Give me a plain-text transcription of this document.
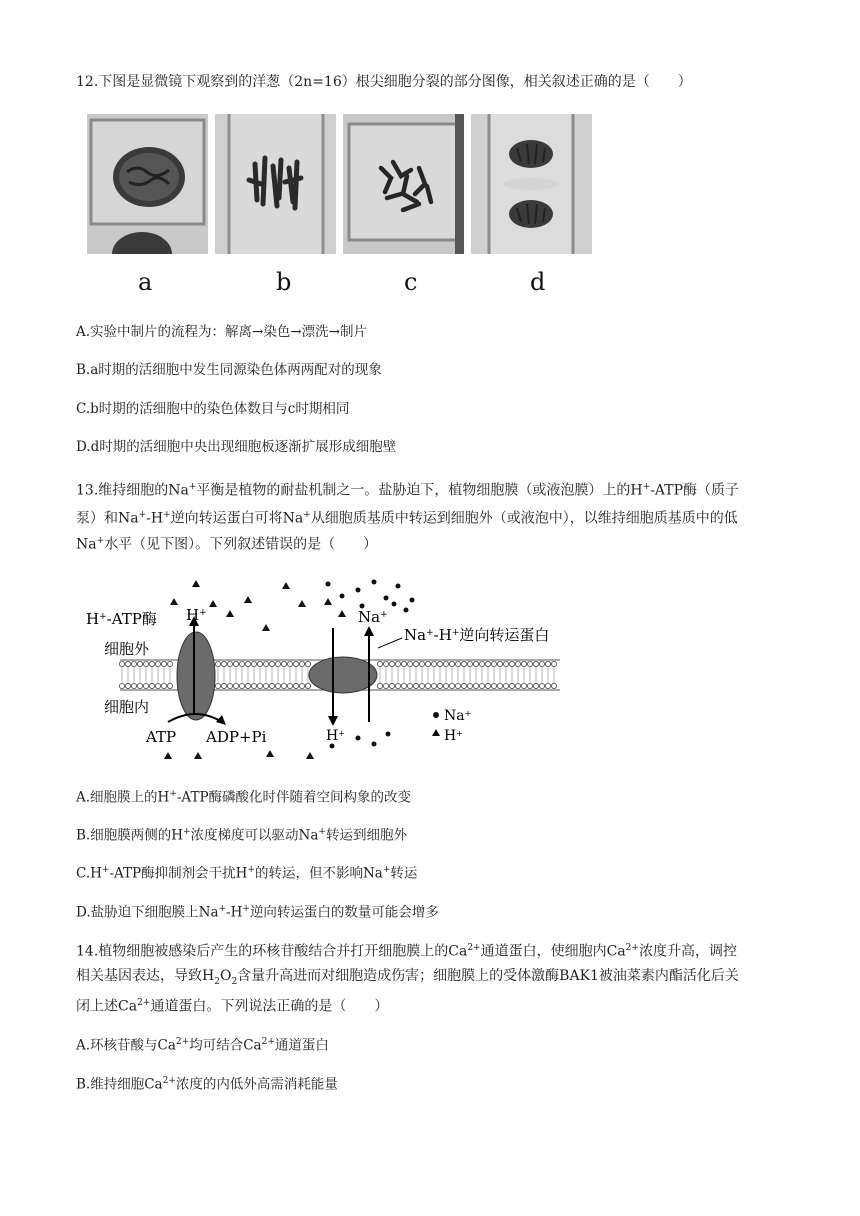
12.下图是显微镜下观察到的洋葱（2n=16）根尖细胞分裂的部分图像，相关叙述正确的是（　　）
a	b	c	d
A.实验中制片的流程为：解离→染色→漂洗→制片
B.a时期的活细胞中发生同源染色体两两配对的现象
C.b时期的活细胞中的染色体数目与c时期相同
D.d时期的活细胞中央出现细胞板逐渐扩展形成细胞壁
13.维持细胞的Na+平衡是植物的耐盐机制之一。盐胁迫下，植物细胞膜（或液泡膜）上的H+-ATP酶（质子
泵）和Na+-H+逆向转运蛋白可将Na+从细胞质基质中转运到细胞外（或液泡中），以维持细胞质基质中的低
Na+水平（见下图）。下列叙述错误的是（　　）
H+-ATP酶 H+
细胞外
细胞内
ATP ADP+Pi	H+
Na+
Na+-H+逆向转运蛋白
Na+
H+
A.细胞膜上的H+-ATP酶磷酸化时伴随着空间构象的改变
B.细胞膜两侧的H+浓度梯度可以驱动Na+转运到细胞外
C.H+-ATP酶抑制剂会干扰H+的转运，但不影响Na+转运
D.盐胁迫下细胞膜上Na+-H+逆向转运蛋白的数量可能会增多
14.植物细胞被感染后产生的环核苷酸结合并打开细胞膜上的$Ca^{2+}$通道蛋白，使细胞内$Ca^{2+}$浓度升高，调控
相关基因表达，导致$H_2O_2$含量升高进而对细胞造成伤害；细胞膜上的受体激酶BAK1被油菜素内酯活化后关
闭上述$Ca^{2+}$通道蛋白。下列说法正确的是（　　）
A.环核苷酸与$Ca^{2+}$均可结合$Ca^{2+}$通道蛋白
B.维持细胞$Ca^{2+}$浓度的内低外高需消耗能量
